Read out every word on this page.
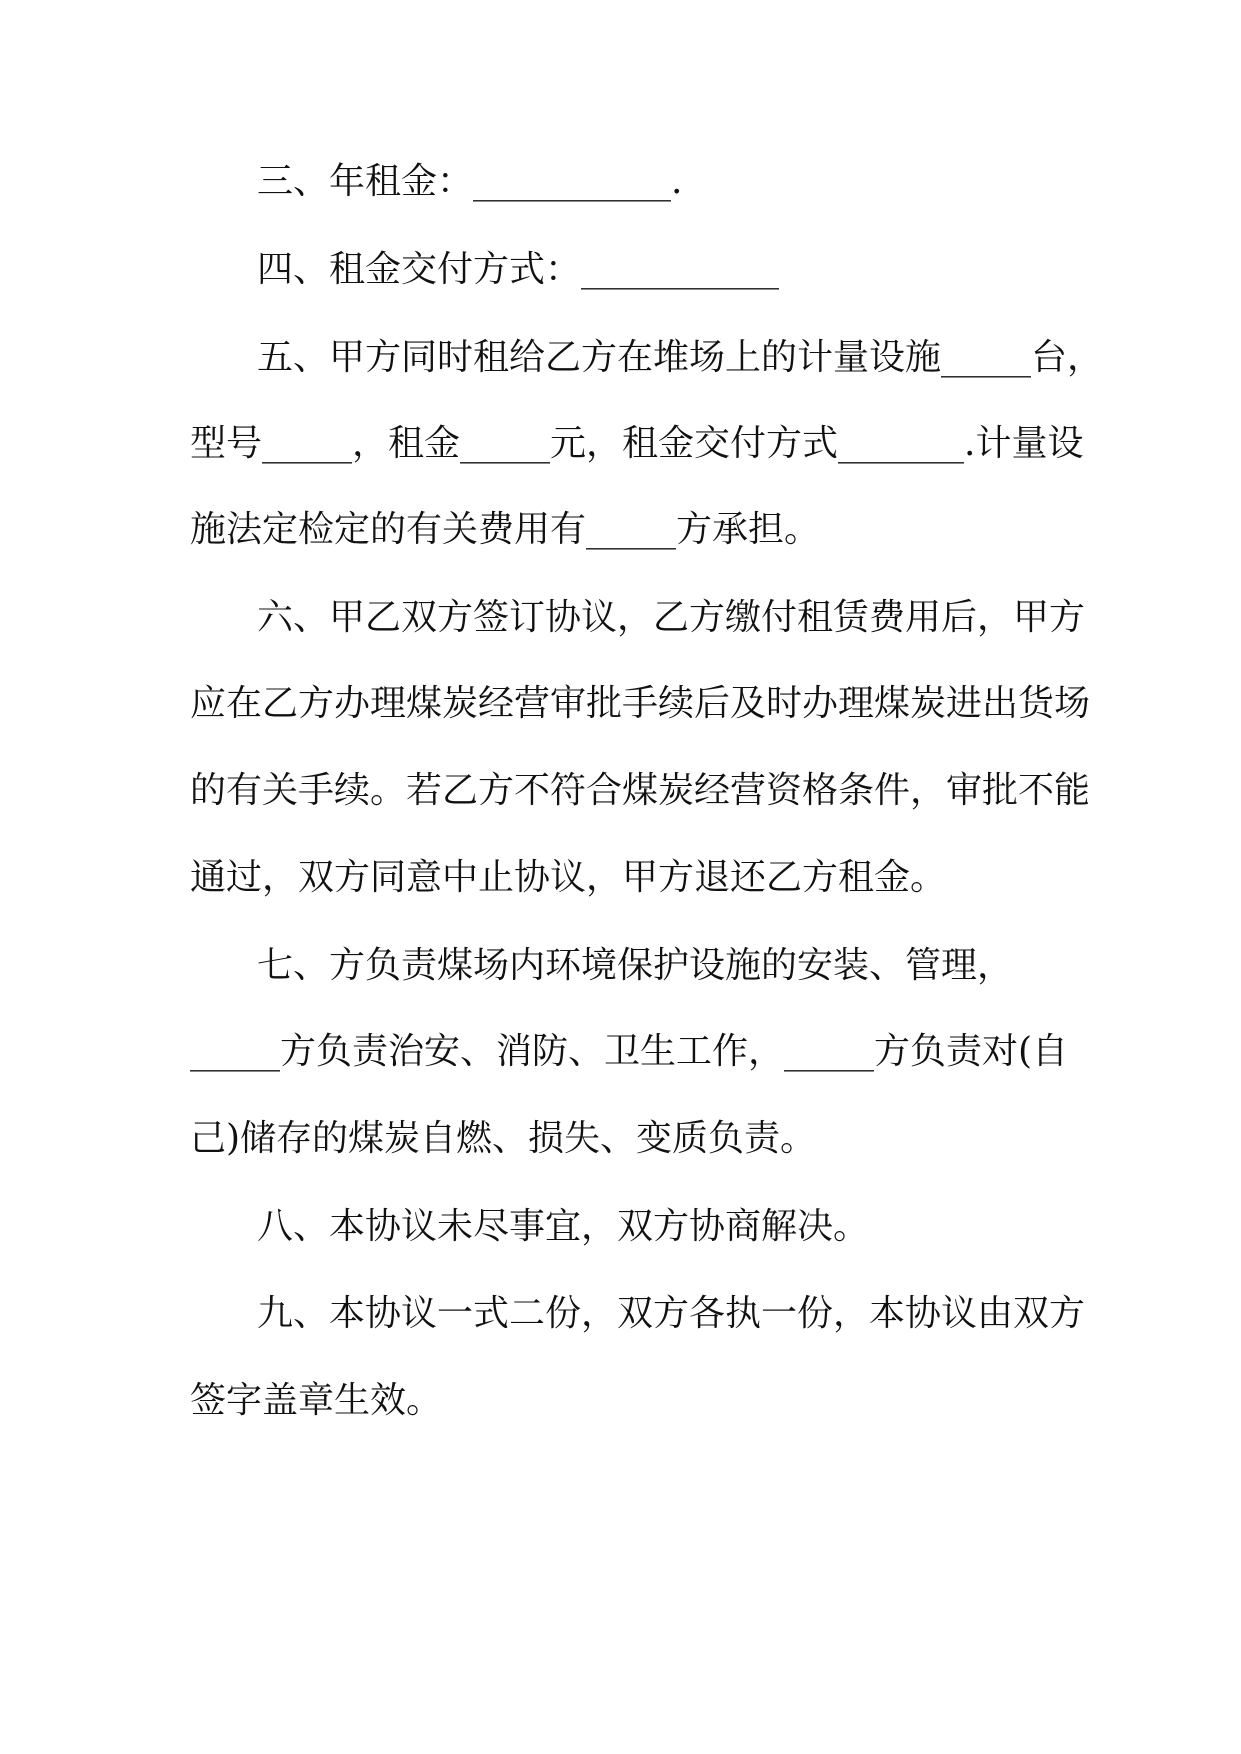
三、年租金：___________.
四、租金交付方式：___________
五、甲方同时租给乙方在堆场上的计量设施_____台，
型号_____，租金_____元，租金交付方式_______.计量设
施法定检定的有关费用有_____方承担。
六、甲乙双方签订协议，乙方缴付租赁费用后，甲方
应在乙方办理煤炭经营审批手续后及时办理煤炭进出货场
的有关手续。若乙方不符合煤炭经营资格条件，审批不能
通过，双方同意中止协议，甲方退还乙方租金。
七、方负责煤场内环境保护设施的安装、管理，
_____方负责治安、消防、卫生工作，_____方负责对(自
己)储存的煤炭自燃、损失、变质负责。
八、本协议未尽事宜，双方协商解决。
九、本协议一式二份，双方各执一份，本协议由双方
签字盖章生效。
